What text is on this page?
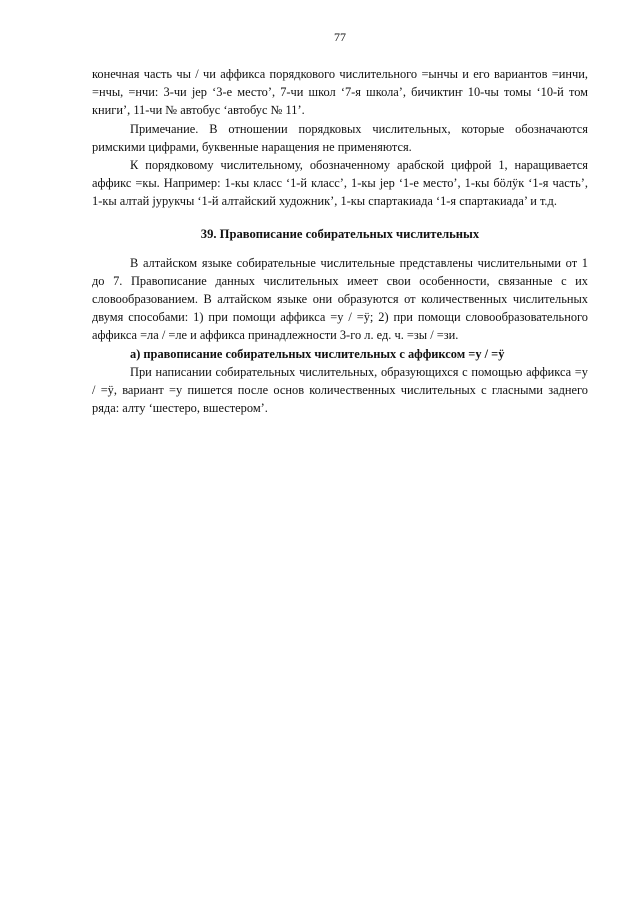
77

конечная часть чы / чи аффикса порядкового числительного =ынчы и его вариантов =инчи, =нчы, =нчи: 3-чи јер ‘3-е место’, 7-чи школ ‘7-я школа’, бичиктиҥ 10-чы томы ‘10-й том книги’, 11-чи № автобус ‘автобус № 11’.

Примечание. В отношении порядковых числительных, которые обозначаются римскими цифрами, буквенные наращения не применяются.

К порядковому числительному, обозначенному арабской цифрой 1, наращивается аффикс =кы. Например: 1-кы класс ‘1-й класс’, 1-кы јер ‘1-е место’, 1-кы бöлÿк ‘1-я часть’, 1-кы алтай јурукчы ‘1-й алтайский художник’, 1-кы спартакиада ‘1-я спартакиада’ и т.д.

39. Правописание собирательных числительных

В алтайском языке собирательные числительные представлены числительными от 1 до 7. Правописание данных числительных имеет свои особенности, связанные с их словообразованием. В алтайском языке они образуются от количественных числительных двумя способами: 1) при помощи аффикса =у / =ÿ; 2) при помощи словообразовательного аффикса =ла / =ле и аффикса принадлежности 3-го л. ед. ч. =зы / =зи.

а) правописание собирательных числительных с аффиксом =у / =ÿ

При написании собирательных числительных, образующихся с помощью аффикса =у / =ÿ, вариант =у пишется после основ количественных числительных с гласными заднего ряда: алту ‘шестеро, вшестером’.
